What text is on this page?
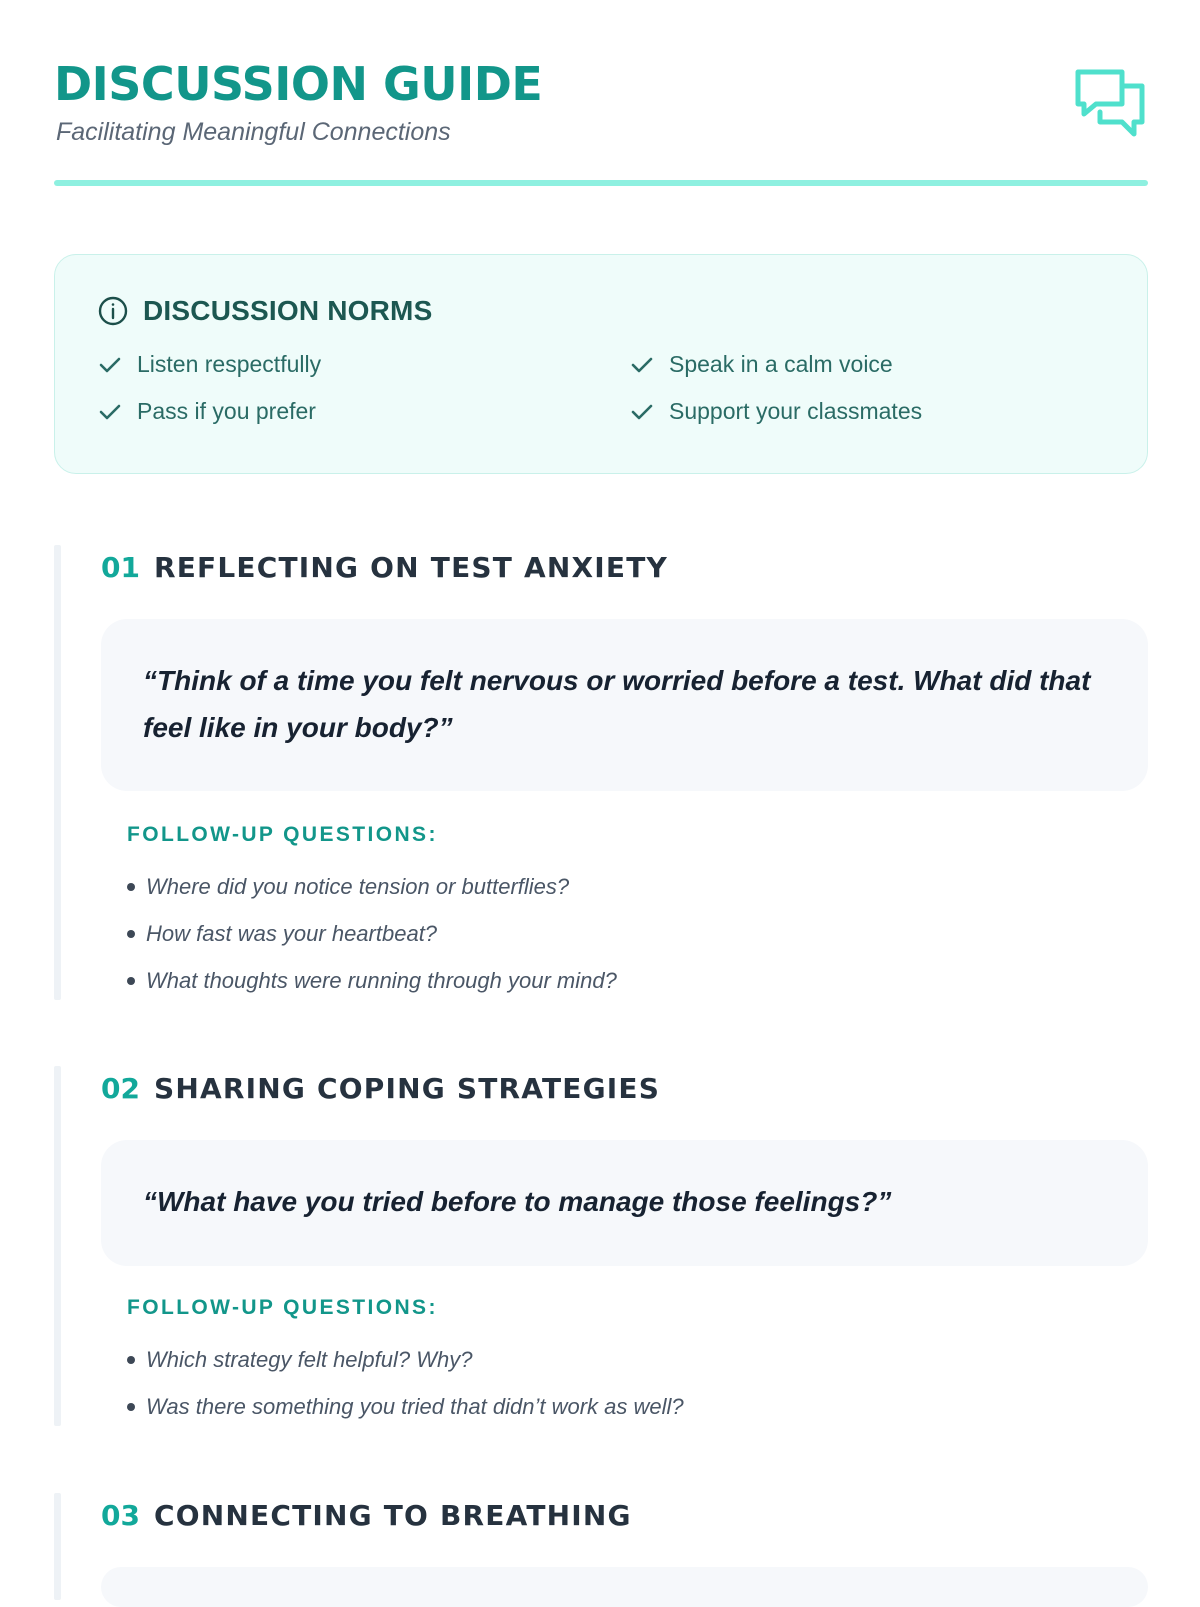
DISCUSSION GUIDE

Facilitating Meaningful Connections

DISCUSSION NORMS
Listen respectfully	Speak in a calm voice
Pass if you prefer	Support your classmates
01 REFLECTING ON TEST ANXIETY

“Think of a time you felt nervous or worried before a test. What did that feel like in your body?”

FOLLOW-UP QUESTIONS:
Where did you notice tension or butterflies?
How fast was your heartbeat?
What thoughts were running through your mind?
02 SHARING COPING STRATEGIES

“What have you tried before to manage those feelings?”

FOLLOW-UP QUESTIONS:
Which strategy felt helpful? Why?
Was there something you tried that didn’t work as well?
03 CONNECTING TO BREATHING
